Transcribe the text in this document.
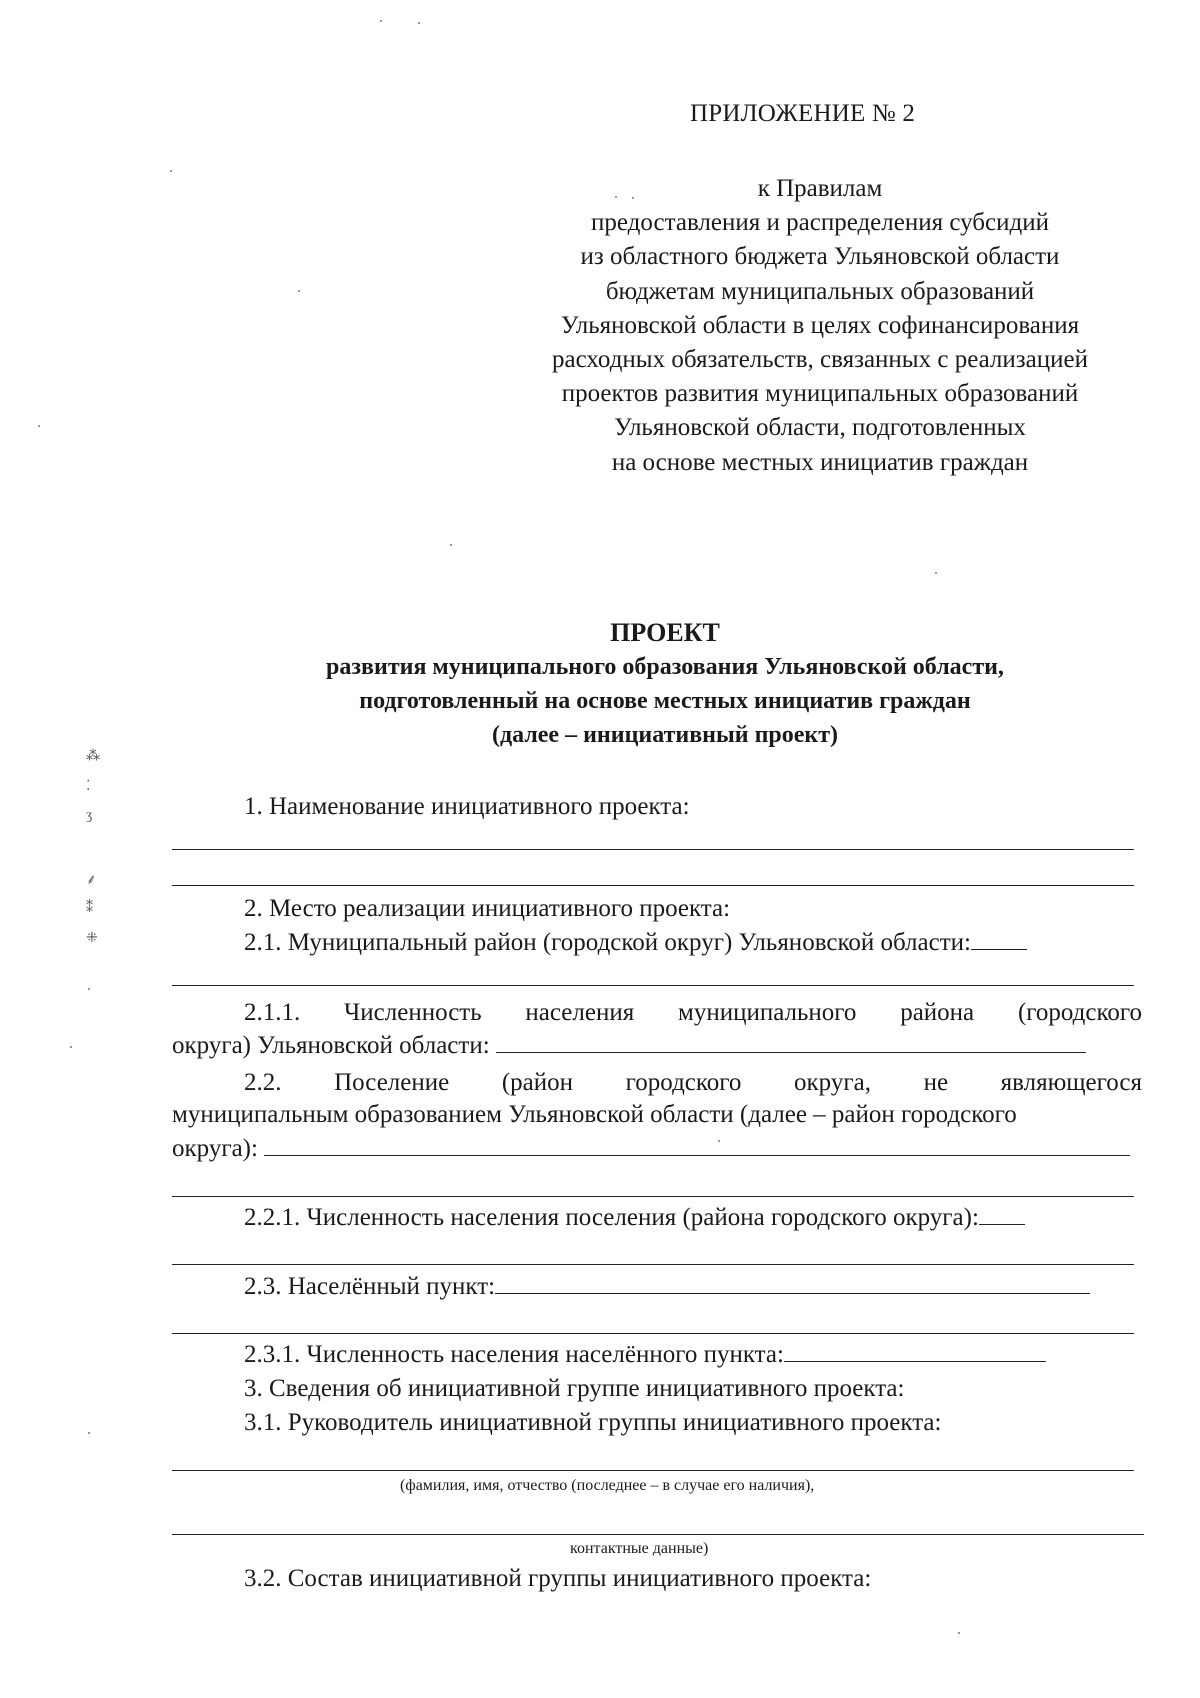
ПРИЛОЖЕНИЕ № 2
к Правилам
предоставления и распределения субсидий
из областного бюджета Ульяновской области
бюджетам муниципальных образований
Ульяновской области в целях софинансирования
расходных обязательств, связанных с реализацией
проектов развития муниципальных образований
Ульяновской области, подготовленных
на основе местных инициатив граждан
ПРОЕКТ
развития муниципального образования Ульяновской области,
подготовленный на основе местных инициатив граждан
(далее – инициативный проект)
1. Наименование инициативного проекта:
2. Место реализации инициативного проекта:
2.1. Муниципальный район (городской округ) Ульяновской области:
2.1.1. Численность населения муниципального района (городского
округа) Ульяновской области:
2.2. Поселение (район городского округа, не являющегося
муниципальным образованием Ульяновской области (далее – район городского
округа):
2.2.1. Численность населения поселения (района городского округа):
2.3. Населённый пункт:
2.3.1. Численность населения населённого пункта:
3. Сведения об инициативной группе инициативного проекта:
3.1. Руководитель инициативной группы инициативного проекта:
(фамилия, имя, отчество (последнее – в случае его наличия),
контактные данные)
3.2. Состав инициативной группы инициативного проекта:
⁂
⁚
ʒ
⸙
⁑
⁜
